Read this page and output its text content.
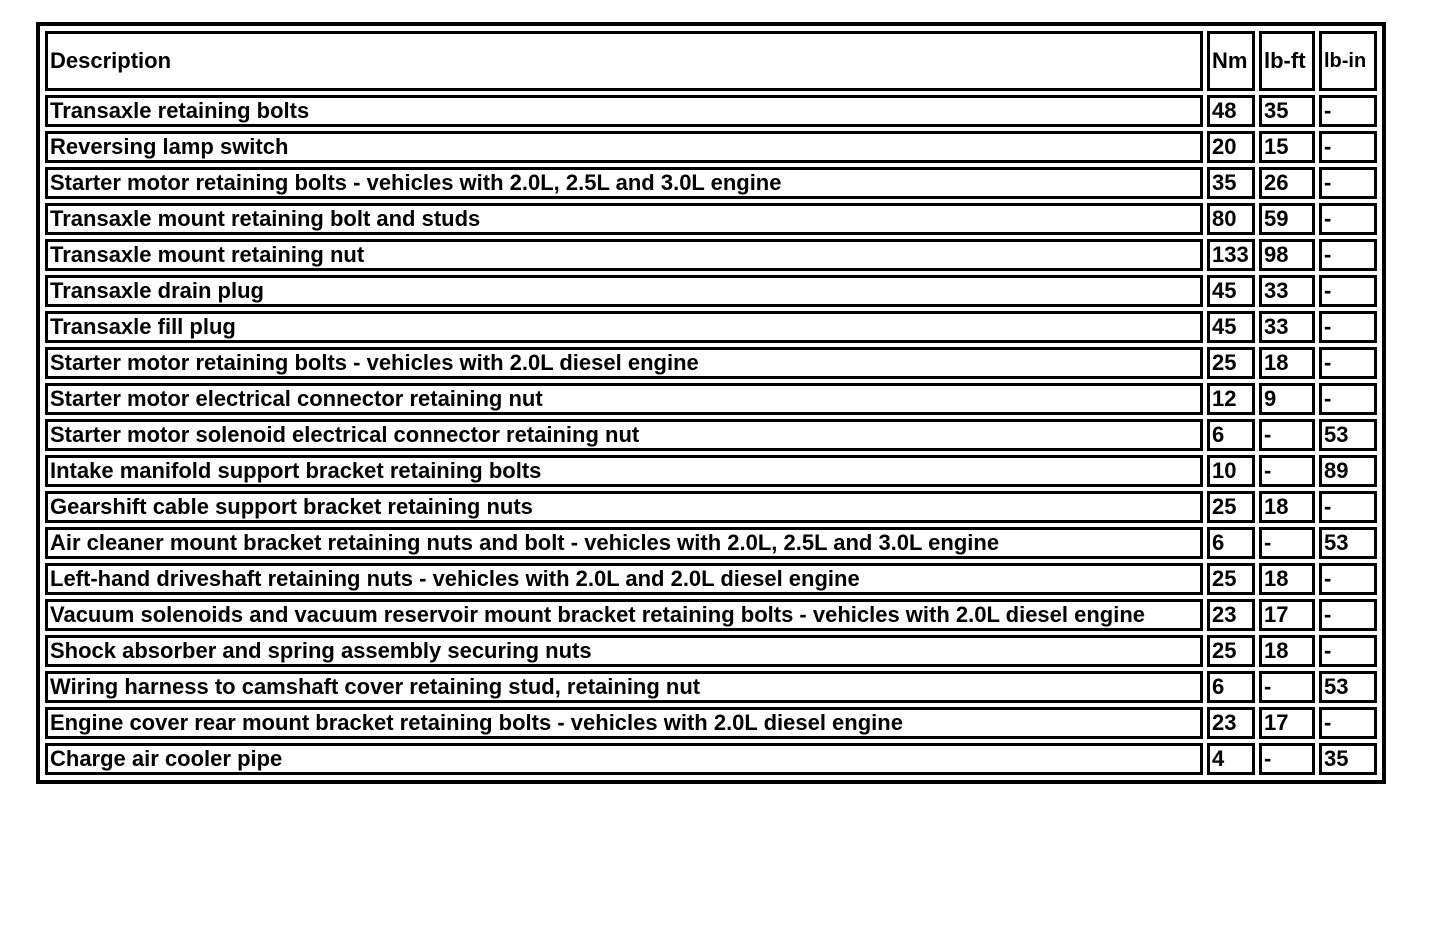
Description	Nm	lb-ft	lb-in
Transaxle retaining bolts	48	35	-
Reversing lamp switch	20	15	-
Starter motor retaining bolts - vehicles with 2.0L, 2.5L and 3.0L engine	35	26	-
Transaxle mount retaining bolt and studs	80	59	-
Transaxle mount retaining nut	133	98	-
Transaxle drain plug	45	33	-
Transaxle fill plug	45	33	-
Starter motor retaining bolts - vehicles with 2.0L diesel engine	25	18	-
Starter motor electrical connector retaining nut	12	9	-
Starter motor solenoid electrical connector retaining nut	6	-	53
Intake manifold support bracket retaining bolts	10	-	89
Gearshift cable support bracket retaining nuts	25	18	-
Air cleaner mount bracket retaining nuts and bolt - vehicles with 2.0L, 2.5L and 3.0L engine	6	-	53
Left-hand driveshaft retaining nuts - vehicles with 2.0L and 2.0L diesel engine	25	18	-
Vacuum solenoids and vacuum reservoir mount bracket retaining bolts - vehicles with 2.0L diesel engine	23	17	-
Shock absorber and spring assembly securing nuts	25	18	-
Wiring harness to camshaft cover retaining stud, retaining nut	6	-	53
Engine cover rear mount bracket retaining bolts - vehicles with 2.0L diesel engine	23	17	-
Charge air cooler pipe	4	-	35
